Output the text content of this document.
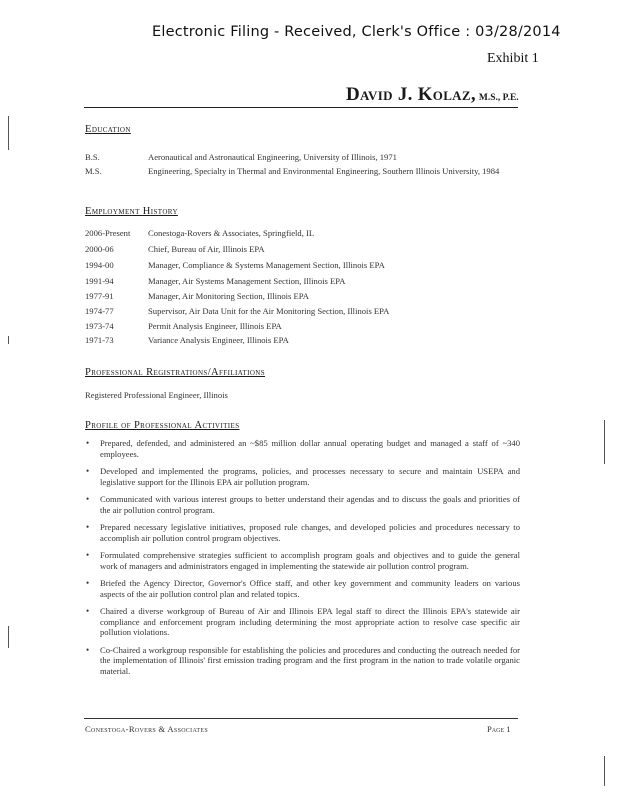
Electronic Filing - Received, Clerk's Office : 03/28/2014
Exhibit 1
David J. Kolaz, M.S., P.E.
Education
B.S.	Aeronautical and Astronautical Engineering, University of Illinois, 1971
M.S.	Engineering, Specialty in Thermal and Environmental Engineering, Southern Illinois University, 1984
Employment History
2006-Present	Conestoga-Rovers & Associates, Springfield, IL
2000-06	Chief, Bureau of Air, Illinois EPA
1994-00	Manager, Compliance & Systems Management Section, Illinois EPA
1991-94	Manager, Air Systems Management Section, Illinois EPA
1977-91	Manager, Air Monitoring Section, Illinois EPA
1974-77	Supervisor, Air Data Unit for the Air Monitoring Section, Illinois EPA
1973-74	Permit Analysis Engineer, Illinois EPA
1971-73	Variance Analysis Engineer, Illinois EPA
Professional Registrations/Affiliations
Registered Professional Engineer, Illinois
Profile of Professional Activities
• Prepared, defended, and administered an ~$85 million dollar annual operating budget and managed a staff of ~340 employees.
• Developed and implemented the programs, policies, and processes necessary to secure and maintain USEPA and legislative support for the Illinois EPA air pollution program.
• Communicated with various interest groups to better understand their agendas and to discuss the goals and priorities of the air pollution control program.
• Prepared necessary legislative initiatives, proposed rule changes, and developed policies and procedures necessary to accomplish air pollution control program objectives.
• Formulated comprehensive strategies sufficient to accomplish program goals and objectives and to guide the general work of managers and administrators engaged in implementing the statewide air pollution control program.
• Briefed the Agency Director, Governor's Office staff, and other key government and community leaders on various aspects of the air pollution control plan and related topics.
• Chaired a diverse workgroup of Bureau of Air and Illinois EPA legal staff to direct the Illinois EPA's statewide air compliance and enforcement program including determining the most appropriate action to resolve case specific air pollution violations.
• Co-Chaired a workgroup responsible for establishing the policies and procedures and conducting the outreach needed for the implementation of Illinois' first emission trading program and the first program in the nation to trade volatile organic material.
Conestoga-Rovers & Associates	Page 1
